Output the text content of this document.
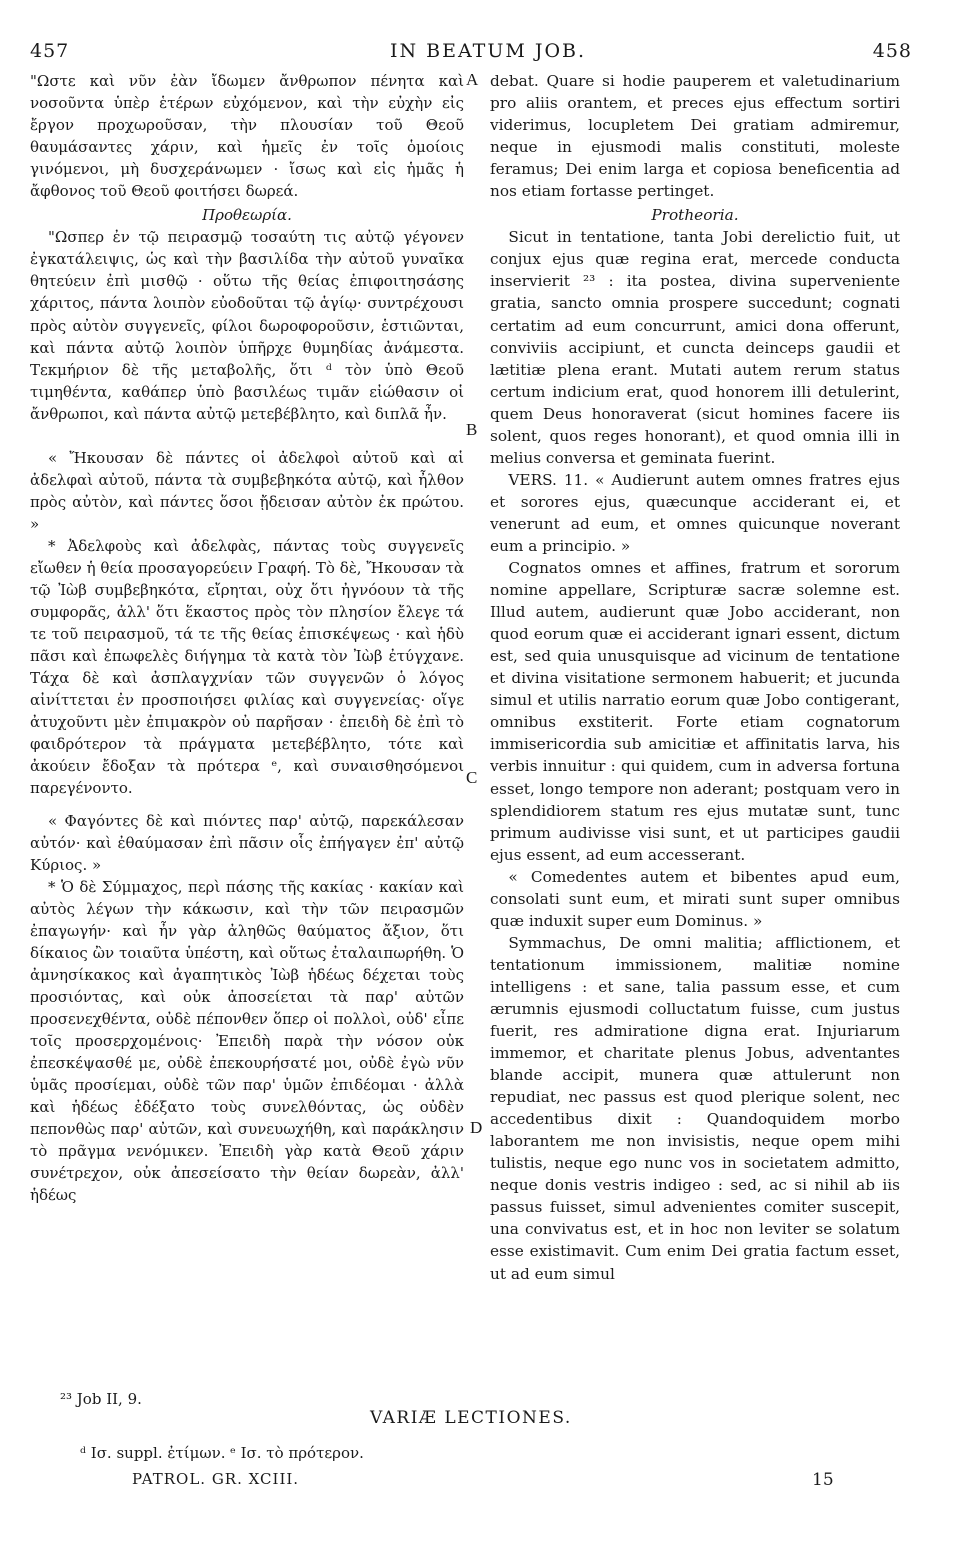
457	IN BEATUM JOB.	458

"Ωστε καὶ νῦν ἐὰν ἴδωμεν ἄνθρωπον πένητα καὶ νοσοῦντα ὑπὲρ ἑτέρων εὐχόμενον, καὶ τὴν εὐχὴν εἰς ἔργον προχωροῦσαν, τὴν πλουσίαν τοῦ Θεοῦ θαυμάσαντες χάριν, καὶ ἡμεῖς ἐν τοῖς ὁμοίοις γινόμενοι, μὴ δυσχεράνωμεν · ἴσως καὶ εἰς ἡμᾶς ἡ ἄφθονος τοῦ Θεοῦ φοιτήσει δωρεά.

Προθεωρία.

"Ωσπερ ἐν τῷ πειρασμῷ τοσαύτη τις αὐτῷ γέγονεν ἐγκατάλειψις, ὡς καὶ τὴν βασιλίδα τὴν αὐτοῦ γυναῖκα θητεύειν ἐπὶ μισθῷ · οὕτω τῆς θείας ἐπιφοιτησάσης χάριτος, πάντα λοιπὸν εὐοδοῦται τῷ ἁγίῳ· συντρέχουσι πρὸς αὐτὸν συγγενεῖς, φίλοι δωροφοροῦσιν, ἑστιῶνται, καὶ πάντα αὐτῷ λοιπὸν ὑπῆρχε θυμηδίας ἀνάμεστα. Τεκμήριον δὲ τῆς μεταβολῆς, ὅτι ᵈ τὸν ὑπὸ Θεοῦ τιμηθέντα, καθάπερ ὑπὸ βασιλέως τιμᾶν εἰώθασιν οἱ ἄνθρωποι, καὶ πάντα αὐτῷ μετεβέβλητο, καὶ διπλᾶ ἦν.

« Ἤκουσαν δὲ πάντες οἱ ἀδελφοὶ αὐτοῦ καὶ αἱ ἀδελφαὶ αὐτοῦ, πάντα τὰ συμβεβηκότα αὐτῷ, καὶ ἦλθον πρὸς αὐτὸν, καὶ πάντες ὅσοι ᾔδεισαν αὐτὸν ἐκ πρώτου. »

* Ἀδελφοὺς καὶ ἀδελφὰς, πάντας τοὺς συγγενεῖς εἴωθεν ἡ θεία προσαγορεύειν Γραφή. Τὸ δὲ, Ἤκουσαν τὰ τῷ Ἰὼβ συμβεβηκότα, εἴρηται, οὐχ ὅτι ἠγνόουν τὰ τῆς συμφορᾶς, ἀλλ' ὅτι ἕκαστος πρὸς τὸν πλησίον ἔλεγε τά τε τοῦ πειρασμοῦ, τά τε τῆς θείας ἐπισκέψεως · καὶ ἡδὺ πᾶσι καὶ ἐπωφελὲς διήγημα τὰ κατὰ τὸν Ἰὼβ ἐτύγχανε. Τάχα δὲ καὶ ἀσπλαγχνίαν τῶν συγγενῶν ὁ λόγος αἰνίττεται ἐν προσποιήσει φιλίας καὶ συγγενείας· οἵγε ἀτυχοῦντι μὲν ἐπιμακρὸν οὐ παρῆσαν · ἐπειδὴ δὲ ἐπὶ τὸ φαιδρότερον τὰ πράγματα μετεβέβλητο, τότε καὶ ἀκούειν ἔδοξαν τὰ πρότερα ᵉ, καὶ συναισθησόμενοι παρεγένοντο.

« Φαγόντες δὲ καὶ πιόντες παρ' αὐτῷ, παρεκάλεσαν αὐτόν· καὶ ἐθαύμασαν ἐπὶ πᾶσιν οἷς ἐπήγαγεν ἐπ' αὐτῷ Κύριος. »

* Ὁ δὲ Σύμμαχος, περὶ πάσης τῆς κακίας · κακίαν καὶ αὐτὸς λέγων τὴν κάκωσιν, καὶ τὴν τῶν πειρασμῶν ἐπαγωγήν· καὶ ἦν γὰρ ἀληθῶς θαύματος ἄξιον, ὅτι δίκαιος ὢν τοιαῦτα ὑπέστη, καὶ οὕτως ἐταλαιπωρήθη. Ὁ ἀμνησίκακος καὶ ἀγαπητικὸς Ἰὼβ ἡδέως δέχεται τοὺς προσιόντας, καὶ οὐκ ἀποσείεται τὰ παρ' αὐτῶν προσενεχθέντα, οὐδὲ πέπονθεν ὅπερ οἱ πολλοὶ, οὐδ' εἶπε τοῖς προσερχομένοις· Ἐπειδὴ παρὰ τὴν νόσον οὐκ ἐπεσκέψασθέ με, οὐδὲ ἐπεκουρήσατέ μοι, οὐδὲ ἐγὼ νῦν ὑμᾶς προσίεμαι, οὐδὲ τῶν παρ' ὑμῶν ἐπιδέομαι · ἀλλὰ καὶ ἡδέως ἐδέξατο τοὺς συνελθόντας, ὡς οὐδὲν πεπονθὼς παρ' αὐτῶν, καὶ συνευωχήθη, καὶ παράκλησιν τὸ πρᾶγμα νενόμικεν. Ἐπειδὴ γὰρ κατὰ Θεοῦ χάριν συνέτρεχον, οὐκ ἀπεσείσατο τὴν θείαν δωρεὰν, ἀλλ' ἡδέως

A
B
C
D

debat. Quare si hodie pauperem et valetudinarium pro aliis orantem, et preces ejus effectum sortiri viderimus, locupletem Dei gratiam admiremur, neque in ejusmodi malis constituti, moleste feramus; Dei enim larga et copiosa beneficentia ad nos etiam fortasse pertinget.

Protheoria.

Sicut in tentatione, tanta Jobi derelictio fuit, ut conjux ejus quæ regina erat, mercede conducta inservierit ²³ : ita postea, divina superveniente gratia, sancto omnia prospere succedunt; cognati certatim ad eum concurrunt, amici dona offerunt, conviviis accipiunt, et cuncta deinceps gaudii et lætitiæ plena erant. Mutati autem rerum status certum indicium erat, quod honorem illi detulerint, quem Deus honoraverat (sicut homines facere iis solent, quos reges honorant), et quod omnia illi in melius conversa et geminata fuerint.

VERS. 11. « Audierunt autem omnes fratres ejus et sorores ejus, quæcunque acciderant ei, et venerunt ad eum, et omnes quicunque noverant eum a principio. »

Cognatos omnes et affines, fratrum et sororum nomine appellare, Scripturæ sacræ solemne est. Illud autem, audierunt quæ Jobo acciderant, non quod eorum quæ ei acciderant ignari essent, dictum est, sed quia unusquisque ad vicinum de tentatione et divina visitatione sermonem habuerit; et jucunda simul et utilis narratio eorum quæ Jobo contigerant, omnibus exstiterit. Forte etiam cognatorum immisericordia sub amicitiæ et affinitatis larva, his verbis innuitur : qui quidem, cum in adversa fortuna esset, longo tempore non aderant; postquam vero in splendidiorem statum res ejus mutatæ sunt, tunc primum audivisse visi sunt, et ut participes gaudii ejus essent, ad eum accesserant.

« Comedentes autem et bibentes apud eum, consolati sunt eum, et mirati sunt super omnibus quæ induxit super eum Dominus. »

Symmachus, De omni malitia; afflictionem, et tentationum immissionem, malitiæ nomine intelligens : et sane, talia passum esse, et cum ærumnis ejusmodi colluctatum fuisse, cum justus fuerit, res admiratione digna erat. Injuriarum immemor, et charitate plenus Jobus, adventantes blande accipit, munera quæ attulerunt non repudiat, nec passus est quod plerique solent, nec accedentibus dixit : Quandoquidem morbo laborantem me non invisistis, neque opem mihi tulistis, neque ego nunc vos in societatem admitto, neque donis vestris indigeo : sed, ac si nihil ab iis passus fuisset, simul advenientes comiter suscepit, una convivatus est, et in hoc non leviter se solatum esse existimavit. Cum enim Dei gratia factum esset, ut ad eum simul

²³ Job II, 9.
VARIÆ LECTIONES.
ᵈ Ισ. suppl. ἐτίμων. ᵉ Ισ. τὸ πρότερον.
PATROL. GR. XCIII.	15
